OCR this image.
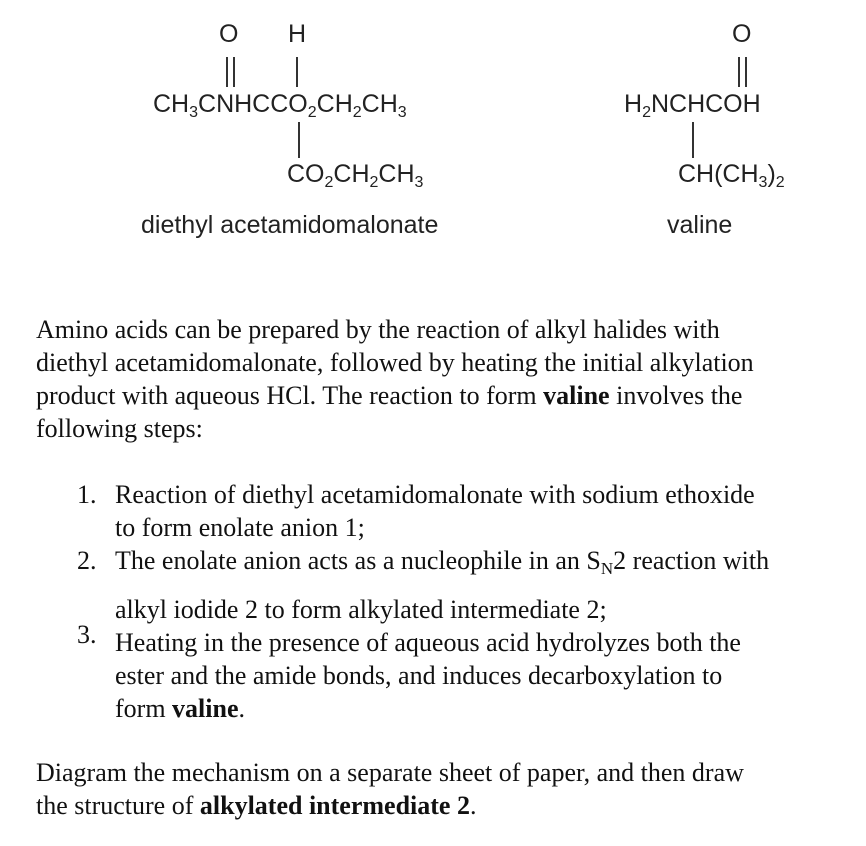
O H
$CH_3CNHCCO_2CH_2CH_3$
$CO_2CH_2CH_3$
diethyl acetamidomalonate
O
$H_2NCHCOH$
$CH(CH_3)_2$
valine

Amino acids can be prepared by the reaction of alkyl halides with

diethyl acetamidomalonate, followed by heating the initial alkylation

product with aqueous HCl. The reaction to form valine involves the

following steps:

Reaction of diethyl acetamidomalonate with sodium ethoxide
to form enolate anion 1;
The enolate anion acts as a nucleophile in an SN2 reaction with
alkyl iodide 2 to form alkylated intermediate 2;
Heating in the presence of aqueous acid hydrolyzes both the
ester and the amide bonds, and induces decarboxylation to
form valine.
1.
2.
3.

Diagram the mechanism on a separate sheet of paper, and then draw

the structure of alkylated intermediate 2.
